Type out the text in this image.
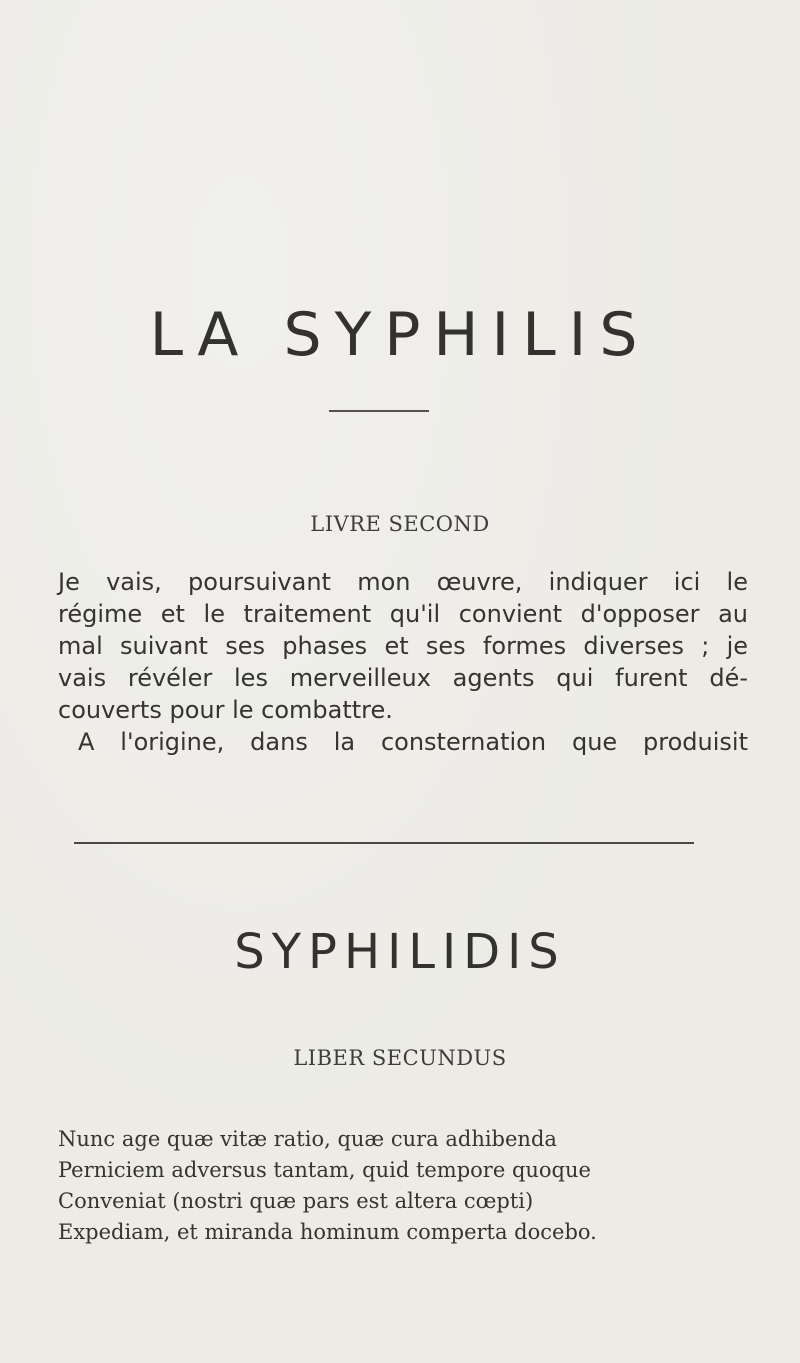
LA SYPHILIS
LIVRE SECOND
Je vais, poursuivant mon œuvre, indiquer ici le
régime et le traitement qu'il convient d'opposer au
mal suivant ses phases et ses formes diverses ; je
vais révéler les merveilleux agents qui furent dé-
couverts pour le combattre.
A l'origine, dans la consternation que produisit
SYPHILIDIS
LIBER SECUNDUS
Nunc age quæ vitæ ratio, quæ cura adhibenda
Perniciem adversus tantam, quid tempore quoque
Conveniat (nostri quæ pars est altera cœpti)
Expediam, et miranda hominum comperta docebo.
